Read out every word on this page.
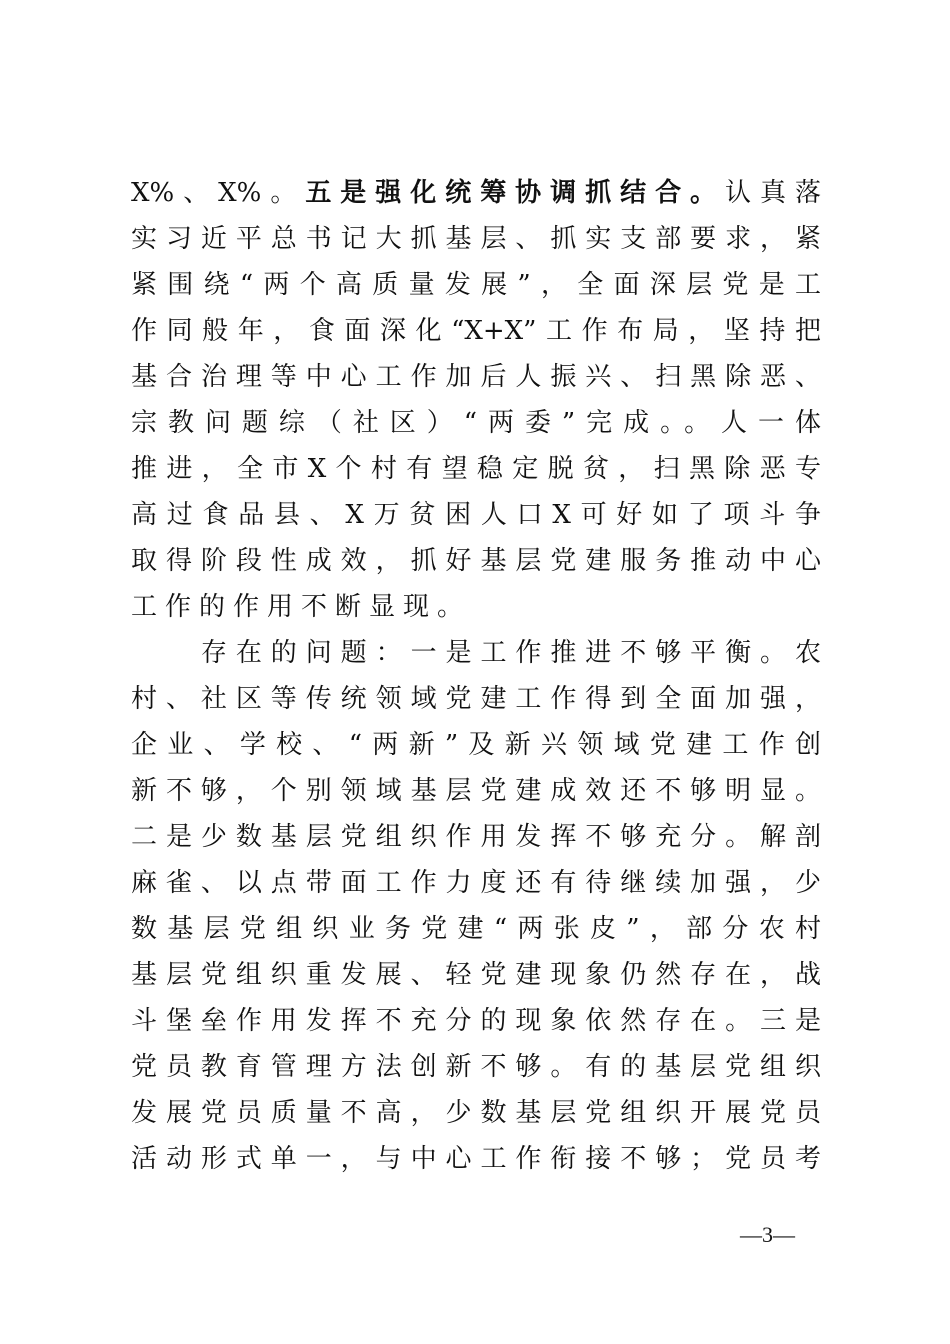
X%、X%。五是强化统筹协调抓结合。认真落
实习近平总书记大抓基层、抓实支部要求，紧
紧围绕“两个高质量发展”，全面深层党是工
作同般年，食面深化“X+X”工作布局，坚持把
基合治理等中心工作加后人振兴、扫黑除恶、
宗教问题综（社区）“两委”完成。。人一体
推进，全市X个村有望稳定脱贫，扫黑除恶专
高过食品县、X万贫困人口X可好如了项斗争
取得阶段性成效，抓好基层党建服务推动中心
工作的作用不断显现。
　　存在的问题：一是工作推进不够平衡。农
村、社区等传统领域党建工作得到全面加强，
企业、学校、“两新”及新兴领域党建工作创
新不够，个别领域基层党建成效还不够明显。
二是少数基层党组织作用发挥不够充分。解剖
麻雀、以点带面工作力度还有待继续加强，少
数基层党组织业务党建“两张皮”，部分农村
基层党组织重发展、轻党建现象仍然存在，战
斗堡垒作用发挥不充分的现象依然存在。三是
党员教育管理方法创新不够。有的基层党组织
发展党员质量不高，少数基层党组织开展党员
活动形式单一，与中心工作衔接不够；党员考
—3—
